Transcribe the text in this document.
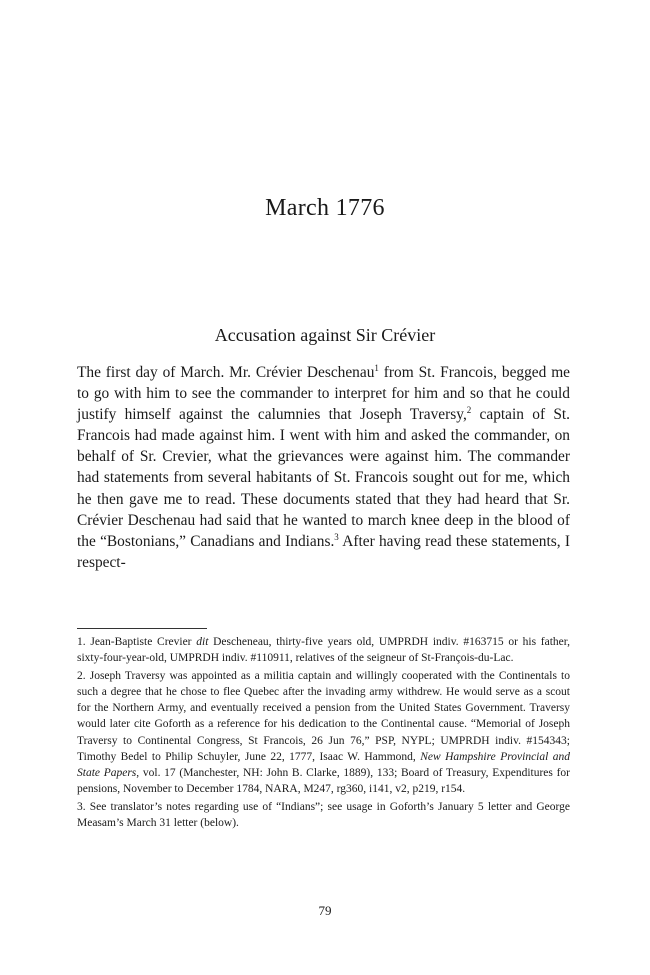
March 1776
Accusation against Sir Crévier

The first day of March. Mr. Crévier Deschenau$^1$ from St. Francois, begged me to go with him to see the commander to interpret for him and so that he could justify himself against the calumnies that Joseph Traversy,$^2$ captain of St. Francois had made against him. I went with him and asked the commander, on behalf of Sr. Crevier, what the grievances were against him. The commander had statements from several habitants of St. Francois sought out for me, which he then gave me to read. These documents stated that they had heard that Sr. Crévier Deschenau had said that he wanted to march knee deep in the blood of the “Bostonians,” Canadians and Indians.$^3$ After having read these statements, I respect-

1. Jean-Baptiste Crevier dit Descheneau, thirty-five years old, UMPRDH indiv. #163715 or his father, sixty-four-year-old, UMPRDH indiv. #110911, relatives of the seigneur of St-François-du-Lac.

2. Joseph Traversy was appointed as a militia captain and willingly cooperated with the Continentals to such a degree that he chose to flee Quebec after the invading army withdrew. He would serve as a scout for the Northern Army, and eventually received a pension from the United States Government. Traversy would later cite Goforth as a reference for his dedication to the Continental cause. “Memorial of Joseph Traversy to Continental Congress, St Francois, 26 Jun 76,” PSP, NYPL; UMPRDH indiv. #154343; Timothy Bedel to Philip Schuyler, June 22, 1777, Isaac W. Hammond, New Hampshire Provincial and State Papers, vol. 17 (Manchester, NH: John B. Clarke, 1889), 133; Board of Treasury, Expenditures for pensions, November to December 1784, NARA, M247, rg360, i141, v2, p219, r154.

3. See translator’s notes regarding use of “Indians”; see usage in Goforth’s January 5 letter and George Measam’s March 31 letter (below).

79
